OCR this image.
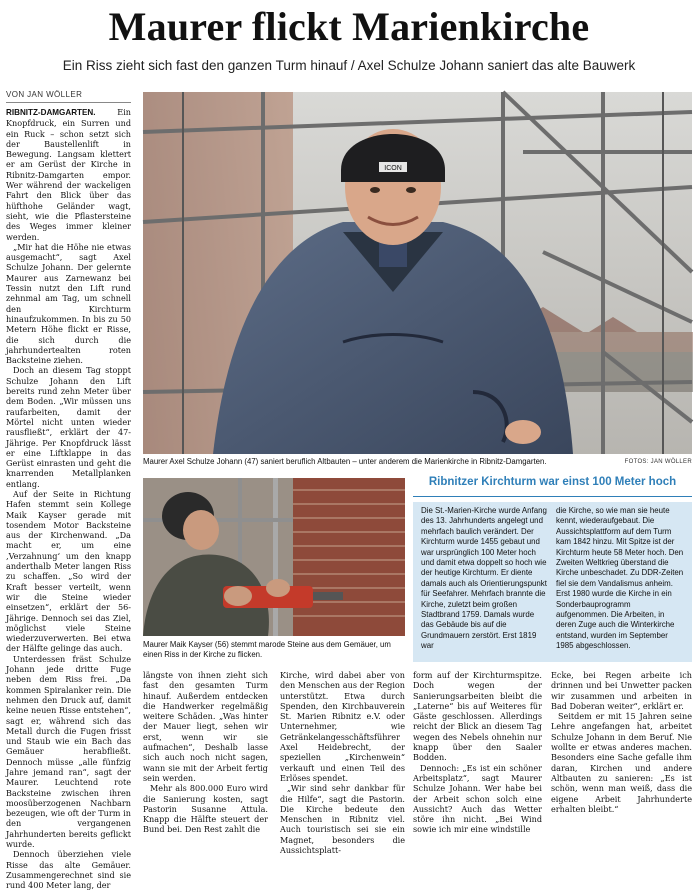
Maurer flickt Marienkirche
Ein Riss zieht sich fast den ganzen Turm hinauf / Axel Schulze Johann saniert das alte Bauwerk
VON JAN WÖLLER

RIBNITZ-DAMGARTEN.	Ein Knopfdruck, ein Surren und ein Ruck – schon setzt sich der Baustellenlift in Bewegung. Langsam klettert er am Gerüst der Kirche in Ribnitz-Damgarten empor. Wer während der wackeligen Fahrt den Blick über das hüfthohe Geländer wagt, sieht, wie die Pflastersteine des Weges immer kleiner werden.

„Mir hat die Höhe nie etwas ausgemacht“, sagt Axel Schulze Johann. Der gelernte Maurer aus Zarnewanz bei Tessin nutzt den Lift rund zehnmal am Tag, um schnell den Kirchturm hinaufzukommen. In bis zu 50 Metern Höhe flickt er Risse, die sich durch die jahrhundertealten roten Backsteine ziehen.

Doch an diesem Tag stoppt Schulze Johann den Lift bereits rund zehn Meter über dem Boden. „Wir müssen uns raufarbeiten, damit der Mörtel nicht unten wieder rausfließt“, erklärt der 47-Jährige. Per Knopfdruck lässt er eine Liftklappe in das Gerüst einrasten und geht die knarrenden Metallplanken entlang.

Auf der Seite in Richtung Hafen stemmt sein Kollege Maik Kayser gerade mit tosendem Motor Backsteine aus der Kirchenwand. „Da macht er, um eine ‚Verzahnung‘ um den knapp anderthalb Meter langen Riss zu schaffen. „So wird der Kraft besser verteilt, wenn wir die Steine wieder einsetzen“, erklärt der 56-Jährige. Dennoch sei das Ziel, möglichst viele Steine wiederzuverwerten. Bei etwa der Hälfte gelinge das auch.

Unterdessen fräst Schulze Johann jede dritte Fuge neben dem Riss frei. „Da kommen Spiralanker rein. Die nehmen den Druck auf, damit keine neuen Risse entstehen“, sagt er, während sich das Metall durch die Fugen frisst und Staub wie ein Bach das Gemäuer herabfließt. Dennoch müsse „alle fünfzig Jahre jemand ran“, sagt der Maurer. Leuchtend rote Backsteine zwischen ihren moosüberzogenen Nachbarn bezeugen, wie oft der Turm in den vergangenen Jahrhunderten bereits geflickt wurde.

Dennoch überziehen viele Risse das alte Gemäuer. Zusammengerechnet sind sie rund 400 Meter lang, der

ICON
Maurer Axel Schulze Johann (47) saniert beruflich Altbauten – unter anderem die Marienkirche in Ribnitz-Damgarten.	FOTOS: JAN WÖLLER
Maurer Maik Kayser (56) stemmt marode Steine aus dem Gemäuer, um einen Riss in der Kirche zu flicken.
Ribnitzer Kirchturm war einst 100 Meter hoch
Die St.-Marien-Kirche wurde Anfang des 13. Jahrhunderts angelegt und mehrfach baulich verändert. Der Kirchturm wurde 1455 gebaut und war ursprünglich 100 Meter hoch und damit etwa doppelt so hoch wie der heutige Kirchturm. Er diente damals auch als Orientierungspunkt für Seefahrer. Mehrfach brannte die Kirche, zuletzt beim großen Stadtbrand 1759. Damals wurde das Gebäude bis auf die Grundmauern zerstört. Erst 1819 war
die Kirche, so wie man sie heute kennt, wiederaufgebaut. Die Aussichtsplattform auf dem Turm kam 1842 hinzu. Mit Spitze ist der Kirchturm heute 58 Meter hoch. Den Zweiten Weltkrieg überstand die Kirche unbeschadet. Zu DDR-Zeiten fiel sie dem Vandalismus anheim. Erst 1980 wurde die Kirche in ein Sonderbauprogramm aufgenommen. Die Arbeiten, in deren Zuge auch die Winterkirche entstand, wurden im September 1985 abgeschlossen.

längste von ihnen zieht sich fast den gesamten Turm hinauf. Außerdem entdecken die Handwerker regelmäßig weitere Schäden. „Was hinter der Mauer liegt, sehen wir erst, wenn wir sie aufmachen“, Deshalb lasse sich auch noch nicht sagen, wann sie mit der Arbeit fertig sein werden.

Mehr als 800.000 Euro wird die Sanierung kosten, sagt Pastorin Susanne Attula. Knapp die Hälfte steuert der Bund bei. Den Rest zahlt die

Kirche, wird dabei aber von den Menschen aus der Region unterstützt. Etwa durch Spenden, den Kirchbauverein St. Marien Ribnitz e.V. oder Unternehmer, wie Getränkelangesschäftsführer Axel Heidebrecht, der speziellen „Kirchenwein“ verkauft und einen Teil des Erlöses spendet.

„Wir sind sehr dankbar für die Hilfe“, sagt die Pastorin. Die Kirche bedeute den Menschen in Ribnitz viel. Auch touristisch sei sie ein Magnet, besonders die Aussichtsplatt-

form auf der Kirchturmspitze. Doch wegen der Sanierungsarbeiten bleibt die „Laterne“ bis auf Weiteres für Gäste geschlossen. Allerdings reicht der Blick an diesem Tag wegen des Nebels ohnehin nur knapp über den Saaler Bodden.

Dennoch: „Es ist ein schöner Arbeitsplatz“, sagt Maurer Schulze Johann. Wer habe bei der Arbeit schon solch eine Aussicht? Auch das Wetter störe ihn nicht. „Bei Wind sowie ich mir eine windstille

Ecke, bei Regen arbeite ich drinnen und bei Unwetter packen wir zusammen und arbeiten in Bad Doberan weiter“, erklärt er.

Seitdem er mit 15 Jahren seine Lehre angefangen hat, arbeitet Schulze Johann in dem Beruf. Nie wollte er etwas anderes machen. Besonders eine Sache gefalle ihm daran, Kirchen und andere Altbauten zu sanieren: „Es ist schön, wenn man weiß, dass die eigene Arbeit Jahrhunderte erhalten bleibt.“
